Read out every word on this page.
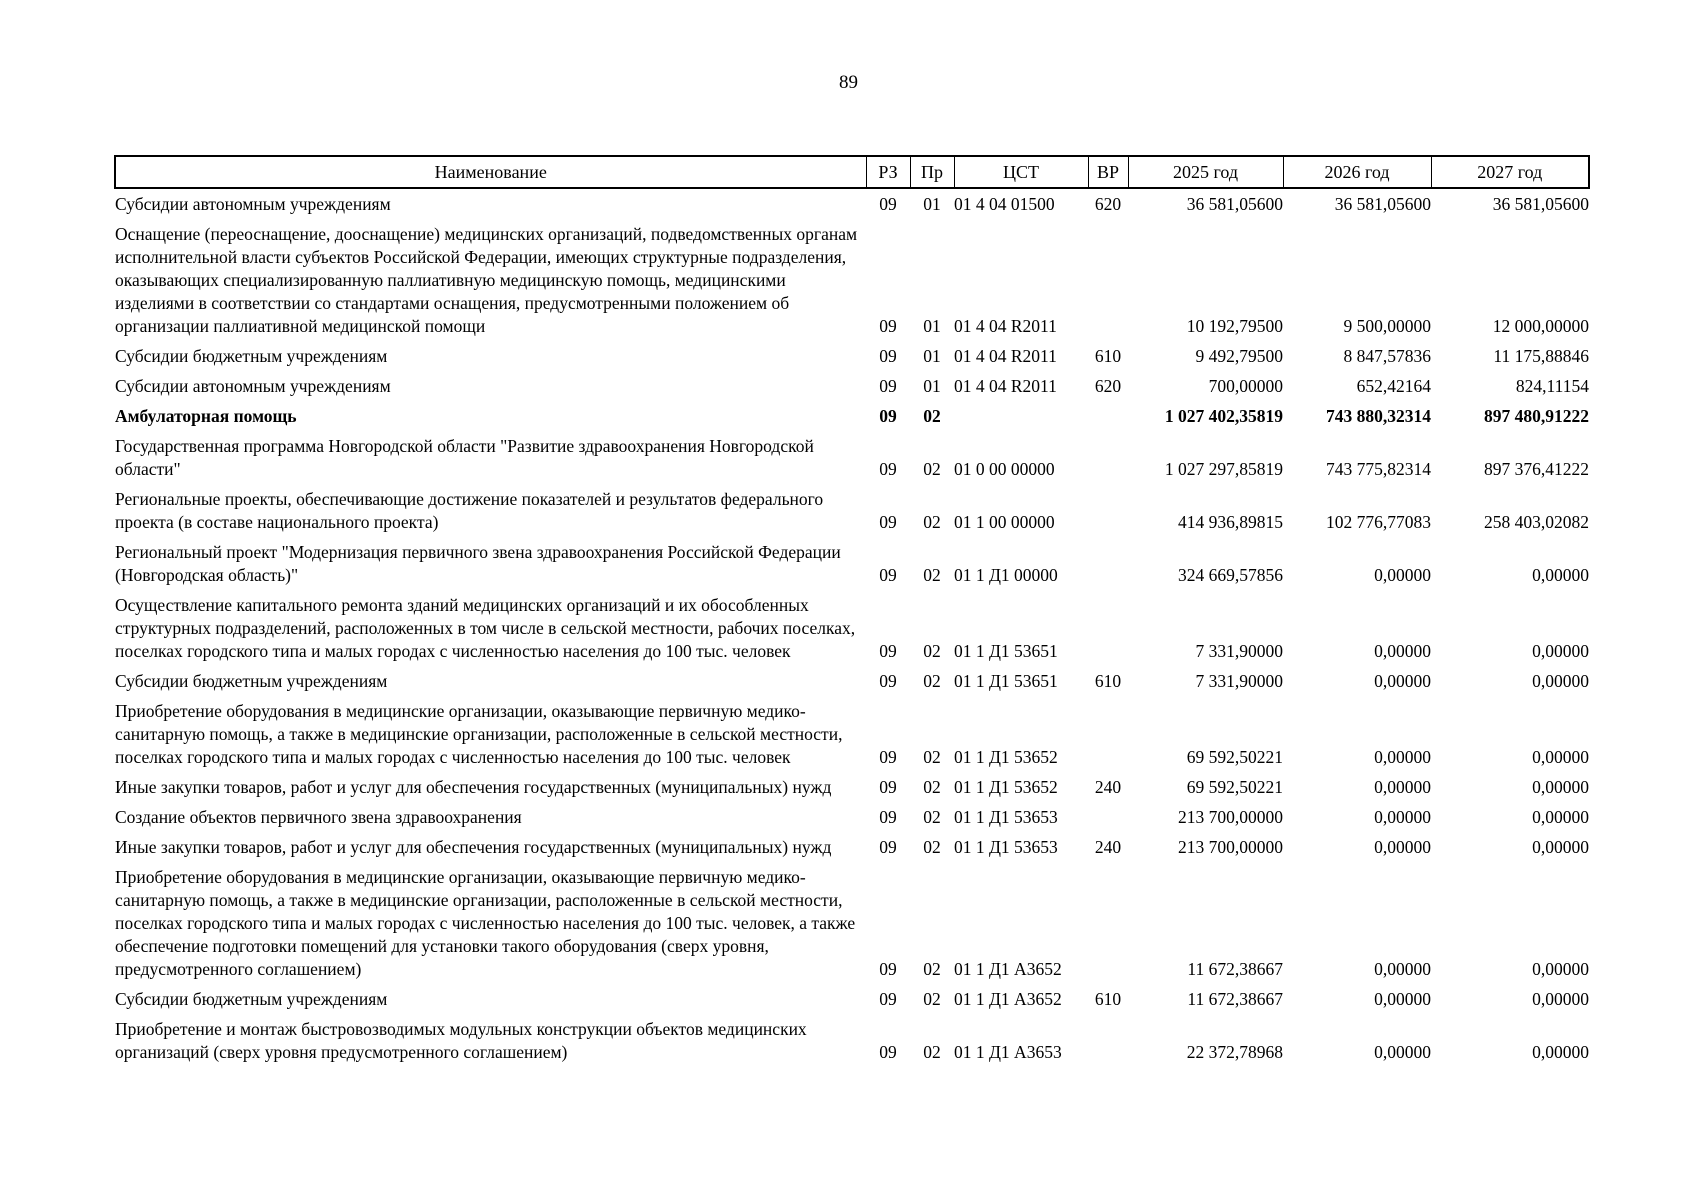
89
Наименование	РЗ	Пр	ЦСТ	ВР	2025 год	2026 год	2027 год
Субсидии автономным учреждениям	09	01	01 4 04 01500	620	36 581,05600	36 581,05600	36 581,05600
Оснащение (переоснащение, дооснащение) медицинских организаций, подведомственных органам исполнительной власти субъектов Российской Федерации, имеющих структурные подразделения, оказывающих специализированную паллиативную медицинскую помощь, медицинскими изделиями в соответствии со стандартами оснащения, предусмотренными положением об организации паллиативной медицинской помощи	09	01	01 4 04 R2011		10 192,79500	9 500,00000	12 000,00000
Субсидии бюджетным учреждениям	09	01	01 4 04 R2011	610	9 492,79500	8 847,57836	11 175,88846
Субсидии автономным учреждениям	09	01	01 4 04 R2011	620	700,00000	652,42164	824,11154
Амбулаторная помощь	09	02			1 027 402,35819	743 880,32314	897 480,91222
Государственная программа Новгородской области "Развитие здравоохранения Новгородской области"	09	02	01 0 00 00000		1 027 297,85819	743 775,82314	897 376,41222
Региональные проекты, обеспечивающие достижение показателей и результатов федерального проекта (в составе национального проекта)	09	02	01 1 00 00000		414 936,89815	102 776,77083	258 403,02082
Региональный проект "Модернизация первичного звена здравоохранения Российской Федерации (Новгородская область)"	09	02	01 1 Д1 00000		324 669,57856	0,00000	0,00000
Осуществление капитального ремонта зданий медицинских организаций и их обособленных структурных подразделений, расположенных в том числе в сельской местности, рабочих поселках, поселках городского типа и малых городах с численностью населения до 100 тыс. человек	09	02	01 1 Д1 53651		7 331,90000	0,00000	0,00000
Субсидии бюджетным учреждениям	09	02	01 1 Д1 53651	610	7 331,90000	0,00000	0,00000
Приобретение оборудования в медицинские организации, оказывающие первичную медико-санитарную помощь, а также в медицинские организации, расположенные в сельской местности, поселках городского типа и малых городах с численностью населения до 100 тыс. человек	09	02	01 1 Д1 53652		69 592,50221	0,00000	0,00000
Иные закупки товаров, работ и услуг для обеспечения государственных (муниципальных) нужд	09	02	01 1 Д1 53652	240	69 592,50221	0,00000	0,00000
Создание объектов первичного звена здравоохранения	09	02	01 1 Д1 53653		213 700,00000	0,00000	0,00000
Иные закупки товаров, работ и услуг для обеспечения государственных (муниципальных) нужд	09	02	01 1 Д1 53653	240	213 700,00000	0,00000	0,00000
Приобретение оборудования в медицинские организации, оказывающие первичную медико-санитарную помощь, а также в медицинские организации, расположенные в сельской местности, поселках городского типа и малых городах с численностью населения до 100 тыс. человек, а также обеспечение подготовки помещений для установки такого оборудования (сверх уровня, предусмотренного соглашением)	09	02	01 1 Д1 А3652		11 672,38667	0,00000	0,00000
Субсидии бюджетным учреждениям	09	02	01 1 Д1 А3652	610	11 672,38667	0,00000	0,00000
Приобретение и монтаж быстровозводимых модульных конструкции объектов медицинских организаций (сверх уровня предусмотренного соглашением)	09	02	01 1 Д1 А3653		22 372,78968	0,00000	0,00000
